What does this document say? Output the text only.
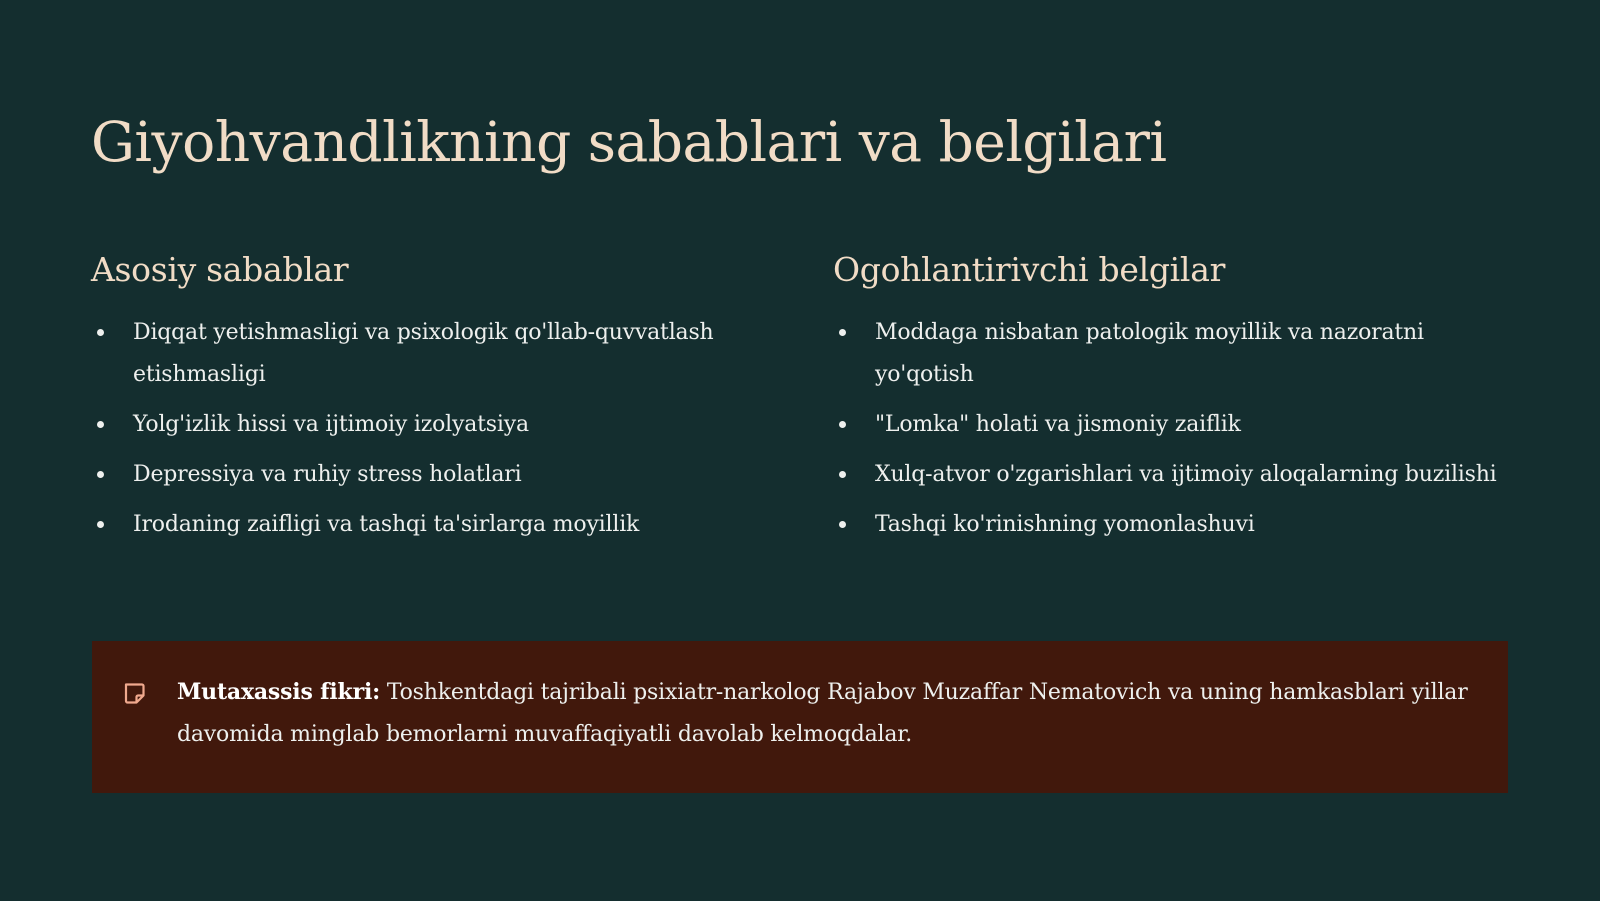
Giyohvandlikning sabablari va belgilari
Asosiy sabablar
Diqqat yetishmasligi va psixologik qo'llab-quvvatlash etishmasligi
Yolg'izlik hissi va ijtimoiy izolyatsiya
Depressiya va ruhiy stress holatlari
Irodaning zaifligi va tashqi ta'sirlarga moyillik
Ogohlantirivchi belgilar
Moddaga nisbatan patologik moyillik va nazoratni yo'qotish
"Lomka" holati va jismoniy zaiflik
Xulq-atvor o'zgarishlari va ijtimoiy aloqalarning buzilishi
Tashqi ko'rinishning yomonlashuvi

Mutaxassis fikri: Toshkentdagi tajribali psixiatr-narkolog Rajabov Muzaffar Nematovich va uning hamkasblari yillar davomida minglab bemorlarni muvaffaqiyatli davolab kelmoqdalar.
